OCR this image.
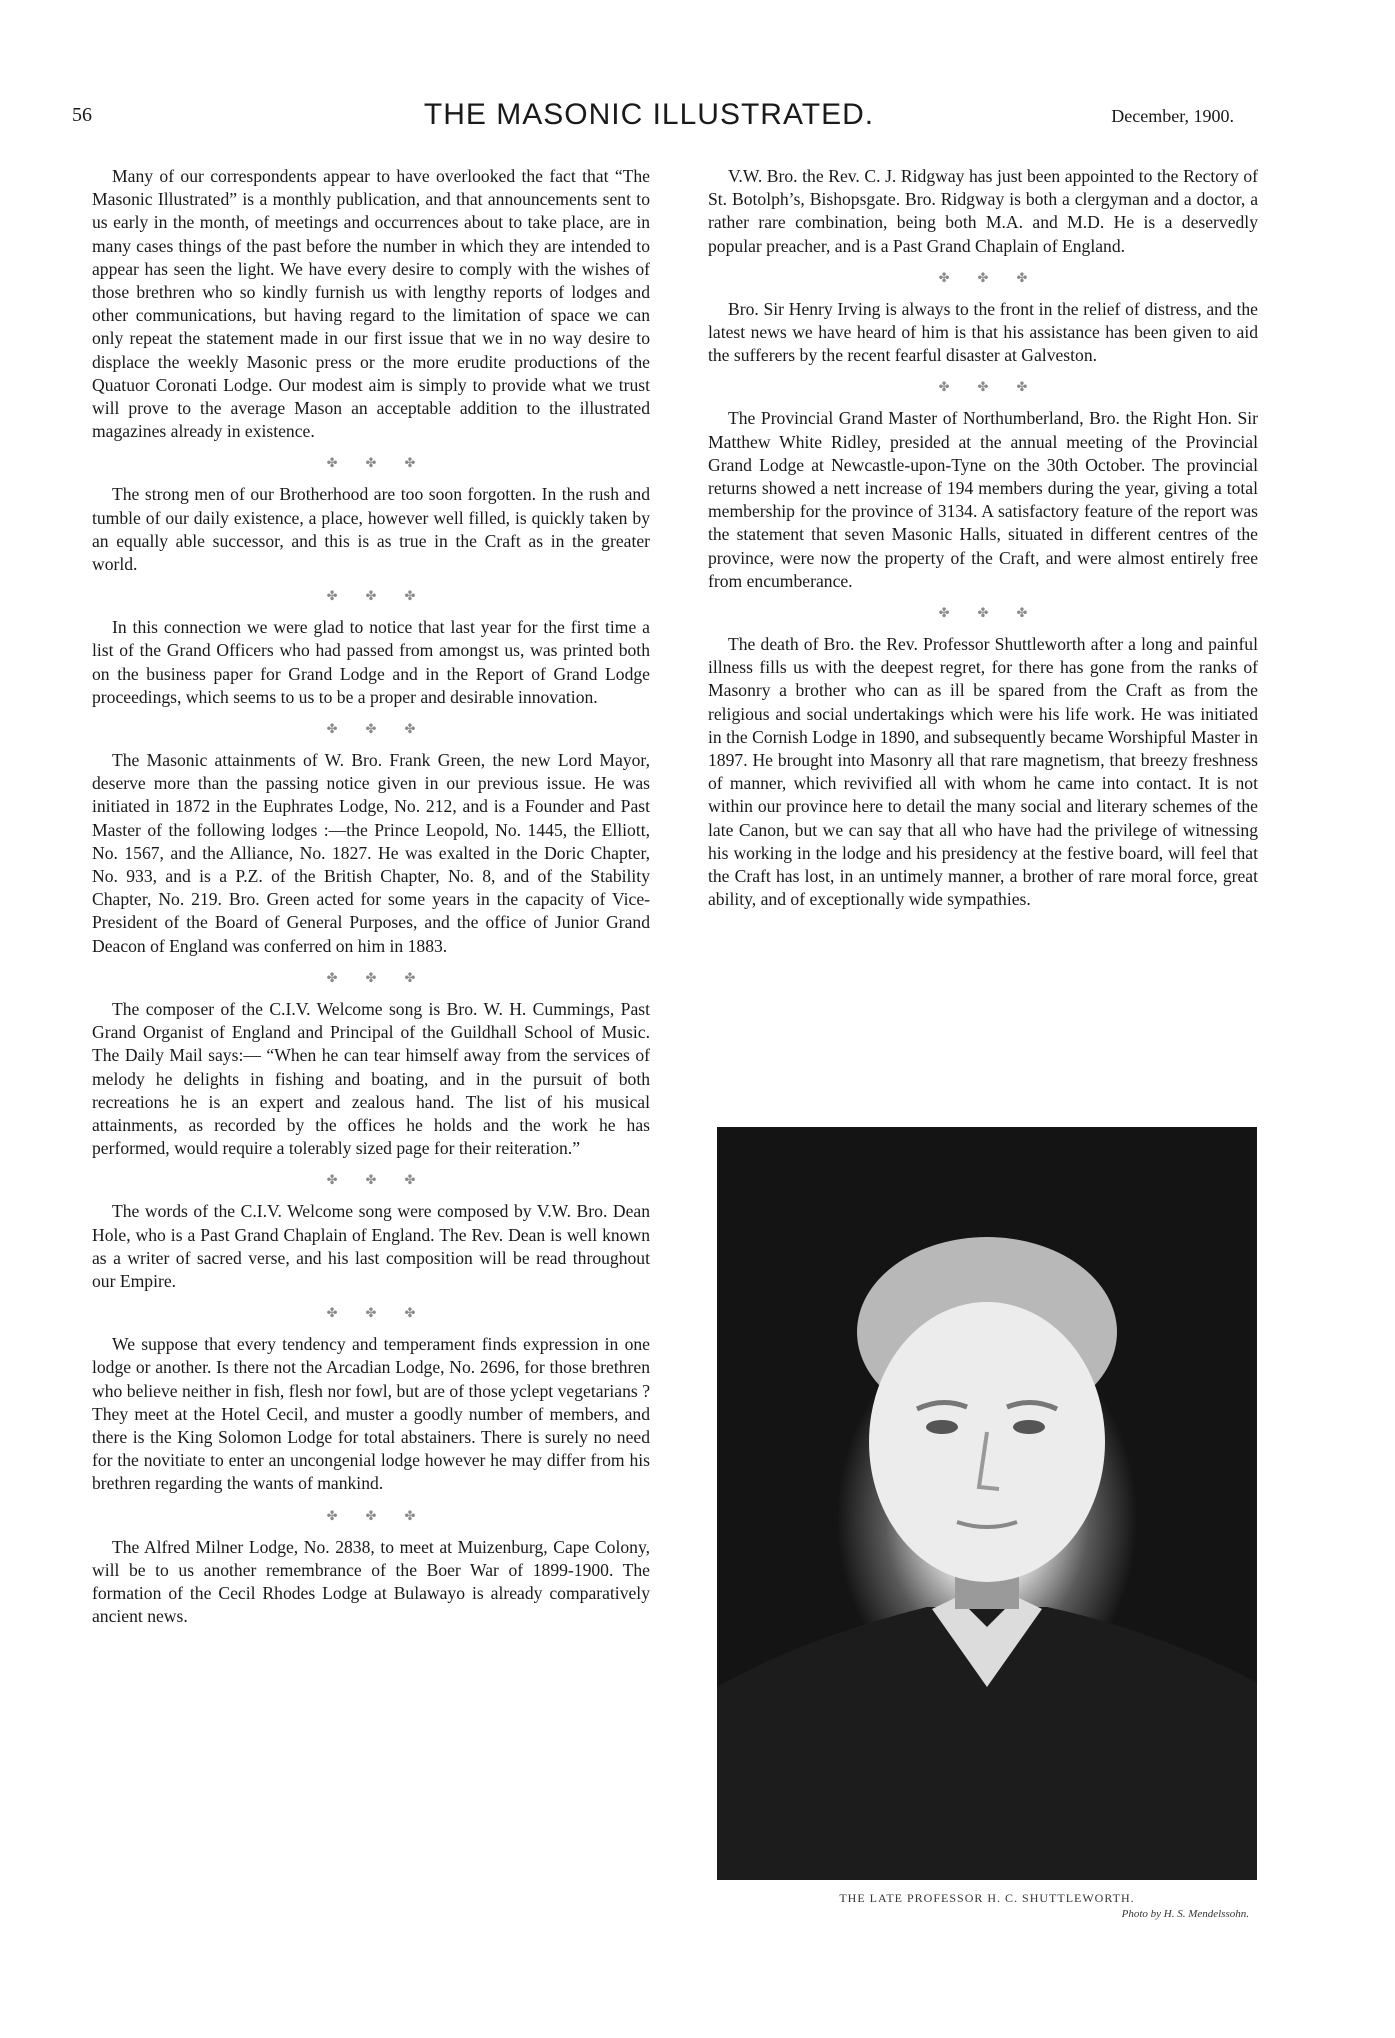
56	THE MASONIC ILLUSTRATED.	December, 1900.

Many of our correspondents appear to have overlooked the fact that “The Masonic Illustrated” is a monthly publication, and that announcements sent to us early in the month, of meetings and occurrences about to take place, are in many cases things of the past before the number in which they are intended to appear has seen the light. We have every desire to comply with the wishes of those brethren who so kindly furnish us with lengthy reports of lodges and other communications, but having regard to the limitation of space we can only repeat the statement made in our first issue that we in no way desire to displace the weekly Masonic press or the more erudite productions of the Quatuor Coronati Lodge. Our modest aim is simply to provide what we trust will prove to the average Mason an acceptable addition to the illustrated magazines already in existence.

✤ ✤ ✤

The strong men of our Brotherhood are too soon forgotten. In the rush and tumble of our daily existence, a place, however well filled, is quickly taken by an equally able successor, and this is as true in the Craft as in the greater world.

✤ ✤ ✤

In this connection we were glad to notice that last year for the first time a list of the Grand Officers who had passed from amongst us, was printed both on the business paper for Grand Lodge and in the Report of Grand Lodge proceedings, which seems to us to be a proper and desirable innovation.

✤ ✤ ✤

The Masonic attainments of W. Bro. Frank Green, the new Lord Mayor, deserve more than the passing notice given in our previous issue. He was initiated in 1872 in the Euphrates Lodge, No. 212, and is a Founder and Past Master of the following lodges :—the Prince Leopold, No. 1445, the Elliott, No. 1567, and the Alliance, No. 1827. He was exalted in the Doric Chapter, No. 933, and is a P.Z. of the British Chapter, No. 8, and of the Stability Chapter, No. 219. Bro. Green acted for some years in the capacity of Vice-President of the Board of General Purposes, and the office of Junior Grand Deacon of England was conferred on him in 1883.

✤ ✤ ✤

The composer of the C.I.V. Welcome song is Bro. W. H. Cummings, Past Grand Organist of England and Principal of the Guildhall School of Music. The Daily Mail says:— “When he can tear himself away from the services of melody he delights in fishing and boating, and in the pursuit of both recreations he is an expert and zealous hand. The list of his musical attainments, as recorded by the offices he holds and the work he has performed, would require a tolerably sized page for their reiteration.”

✤ ✤ ✤

The words of the C.I.V. Welcome song were composed by V.W. Bro. Dean Hole, who is a Past Grand Chaplain of England. The Rev. Dean is well known as a writer of sacred verse, and his last composition will be read throughout our Empire.

✤ ✤ ✤

We suppose that every tendency and temperament finds expression in one lodge or another. Is there not the Arcadian Lodge, No. 2696, for those brethren who believe neither in fish, flesh nor fowl, but are of those yclept vegetarians ? They meet at the Hotel Cecil, and muster a goodly number of members, and there is the King Solomon Lodge for total abstainers. There is surely no need for the novitiate to enter an uncongenial lodge however he may differ from his brethren regarding the wants of mankind.

✤ ✤ ✤

The Alfred Milner Lodge, No. 2838, to meet at Muizenburg, Cape Colony, will be to us another remembrance of the Boer War of 1899-1900. The formation of the Cecil Rhodes Lodge at Bulawayo is already comparatively ancient news.

V.W. Bro. the Rev. C. J. Ridgway has just been appointed to the Rectory of St. Botolph’s, Bishopsgate. Bro. Ridgway is both a clergyman and a doctor, a rather rare combination, being both M.A. and M.D. He is a deservedly popular preacher, and is a Past Grand Chaplain of England.

✤ ✤ ✤

Bro. Sir Henry Irving is always to the front in the relief of distress, and the latest news we have heard of him is that his assistance has been given to aid the sufferers by the recent fearful disaster at Galveston.

✤ ✤ ✤

The Provincial Grand Master of Northumberland, Bro. the Right Hon. Sir Matthew White Ridley, presided at the annual meeting of the Provincial Grand Lodge at Newcastle-upon-Tyne on the 30th October. The provincial returns showed a nett increase of 194 members during the year, giving a total membership for the province of 3134. A satisfactory feature of the report was the statement that seven Masonic Halls, situated in different centres of the province, were now the property of the Craft, and were almost entirely free from encumberance.

✤ ✤ ✤

The death of Bro. the Rev. Professor Shuttleworth after a long and painful illness fills us with the deepest regret, for there has gone from the ranks of Masonry a brother who can as ill be spared from the Craft as from the religious and social undertakings which were his life work. He was initiated in the Cornish Lodge in 1890, and subsequently became Worshipful Master in 1897. He brought into Masonry all that rare magnetism, that breezy freshness of manner, which revivified all with whom he came into contact. It is not within our province here to detail the many social and literary schemes of the late Canon, but we can say that all who have had the privilege of witnessing his working in the lodge and his presidency at the festive board, will feel that the Craft has lost, in an untimely manner, a brother of rare moral force, great ability, and of exceptionally wide sympathies.

THE LATE PROFESSOR H. C. SHUTTLEWORTH.
Photo by H. S. Mendelssohn.
